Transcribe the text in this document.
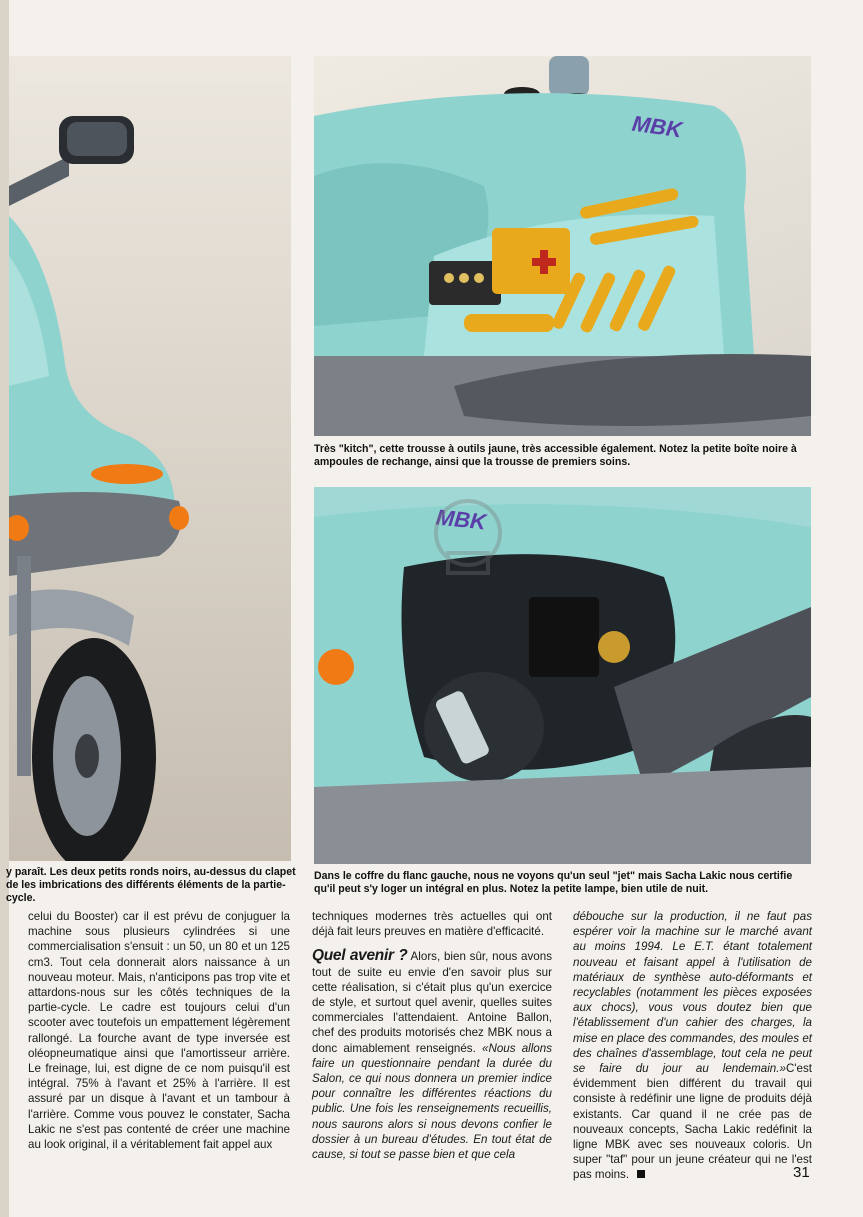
y paraît. Les deux petits ronds noirs, au-dessus du clapet de les imbrications des différents éléments de la partie-cycle.
MBK
Très "kitch", cette trousse à outils jaune, très accessible également. Notez la petite boîte noire à ampoules de rechange, ainsi que la trousse de premiers soins.
MBK
Dans le coffre du flanc gauche, nous ne voyons qu'un seul "jet" mais Sacha Lakic nous certifie qu'il peut s'y loger un intégral en plus. Notez la petite lampe, bien utile de nuit.

celui du Booster) car il est prévu de conjuguer la machine sous plusieurs cylindrées si une commercialisation s'ensuit : un 50, un 80 et un 125 cm3. Tout cela donnerait alors naissance à un nouveau moteur. Mais, n'anticipons pas trop vite et attardons-nous sur les côtés techniques de la partie-cycle. Le cadre est toujours celui d'un scooter avec toutefois un empattement légèrement rallongé. La fourche avant de type inversée est oléopneumatique ainsi que l'amortisseur arrière. Le freinage, lui, est digne de ce nom puisqu'il est intégral. 75% à l'avant et 25% à l'arrière. Il est assuré par un disque à l'avant et un tambour à l'arrière. Comme vous pouvez le constater, Sacha Lakic ne s'est pas contenté de créer une machine au look original, il a véritablement fait appel aux

techniques modernes très actuelles qui ont déjà fait leurs preuves en matière d'efficacité.

Quel avenir ? Alors, bien sûr, nous avons tout de suite eu envie d'en savoir plus sur cette réalisation, si c'était plus qu'un exercice de style, et surtout quel avenir, quelles suites commerciales l'attendaient. Antoine Ballon, chef des produits motorisés chez MBK nous a donc aimablement renseignés. «Nous allons faire un questionnaire pendant la durée du Salon, ce qui nous donnera un premier indice pour connaître les différentes réactions du public. Une fois les renseignements recueillis, nous saurons alors si nous devons confier le dossier à un bureau d'études. En tout état de cause, si tout se passe bien et que cela

débouche sur la production, il ne faut pas espérer voir la machine sur le marché avant au moins 1994. Le E.T. étant totalement nouveau et faisant appel à l'utilisation de matériaux de synthèse auto-déformants et recyclables (notamment les pièces exposées aux chocs), vous vous doutez bien que l'établissement d'un cahier des charges, la mise en place des commandes, des moules et des chaînes d'assemblage, tout cela ne peut se faire du jour au lendemain.»C'est évidemment bien différent du travail qui consiste à redéfinir une ligne de produits déjà existants. Car quand il ne crée pas de nouveaux concepts, Sacha Lakic redéfinit la ligne MBK avec ses nouveaux coloris. Un super "taf" pour un jeune créateur qui ne l'est pas moins.	31
